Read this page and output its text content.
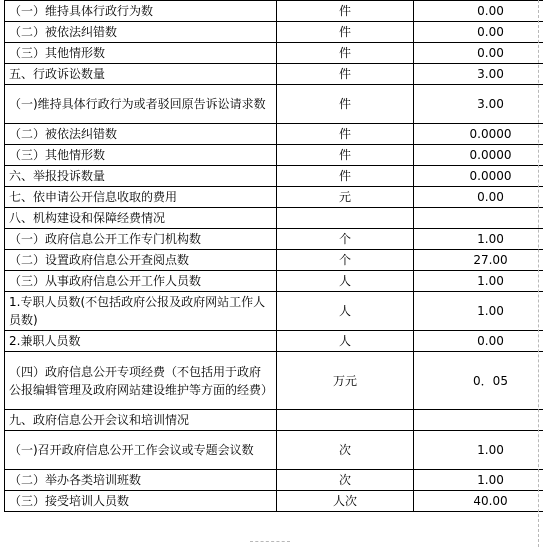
（一）维持具体行政行为数	件	0.00
（二）被依法纠错数	件	0.00
（三）其他情形数	件	0.00
五、行政诉讼数量	件	3.00
（一)维持具体行政行为或者驳回原告诉讼请求数	件	3.00
（二）被依法纠错数	件	0.0000
（三）其他情形数	件	0.0000
六、举报投诉数量	件	0.0000
七、依申请公开信息收取的费用	元	0.00
八、机构建设和保障经费情况		
（一）政府信息公开工作专门机构数	个	1.00
（二）设置政府信息公开查阅点数	个	27.00
（三）从事政府信息公开工作人员数	人	1.00
1.专职人员数(不包括政府公报及政府网站工作人员数)	人	1.00
2.兼职人员数	人	0.00
（四）政府信息公开专项经费（不包括用于政府公报编辑管理及政府网站建设维护等方面的经费）	万元	0．05
九、政府信息公开会议和培训情况		
（一)召开政府信息公开工作会议或专题会议数	次	1.00
（二）举办各类培训班数	次	1.00
（三）接受培训人员数	人次	40.00
